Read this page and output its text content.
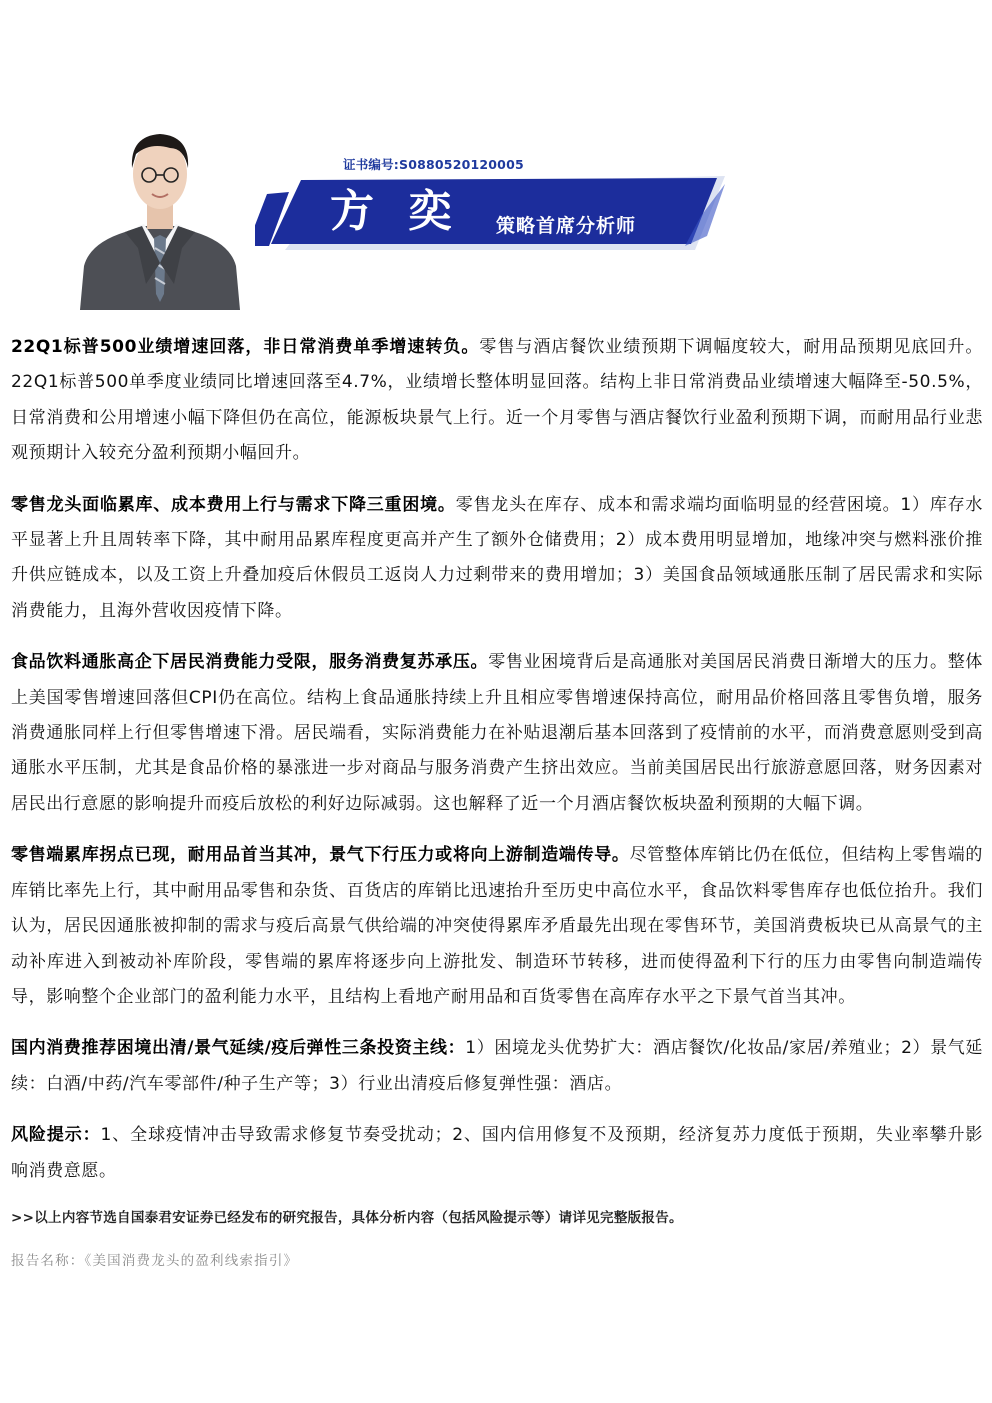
证书编号:S0880520120005
方奕 策略首席分析师

22Q1标普500业绩增速回落，非日常消费单季增速转负。零售与酒店餐饮业绩预期下调幅度较大，耐用品预期见底回升。22Q1标普500单季度业绩同比增速回落至4.7%，业绩增长整体明显回落。结构上非日常消费品业绩增速大幅降至-50.5%，日常消费和公用增速小幅下降但仍在高位，能源板块景气上行。近一个月零售与酒店餐饮行业盈利预期下调，而耐用品行业悲观预期计入较充分盈利预期小幅回升。

零售龙头面临累库、成本费用上行与需求下降三重困境。零售龙头在库存、成本和需求端均面临明显的经营困境。1）库存水平显著上升且周转率下降，其中耐用品累库程度更高并产生了额外仓储费用；2）成本费用明显增加，地缘冲突与燃料涨价推升供应链成本，以及工资上升叠加疫后休假员工返岗人力过剩带来的费用增加；3）美国食品领域通胀压制了居民需求和实际消费能力，且海外营收因疫情下降。

食品饮料通胀高企下居民消费能力受限，服务消费复苏承压。零售业困境背后是高通胀对美国居民消费日渐增大的压力。整体上美国零售增速回落但CPI仍在高位。结构上食品通胀持续上升且相应零售增速保持高位，耐用品价格回落且零售负增，服务消费通胀同样上行但零售增速下滑。居民端看，实际消费能力在补贴退潮后基本回落到了疫情前的水平，而消费意愿则受到高通胀水平压制，尤其是食品价格的暴涨进一步对商品与服务消费产生挤出效应。当前美国居民出行旅游意愿回落，财务因素对居民出行意愿的影响提升而疫后放松的利好边际减弱。这也解释了近一个月酒店餐饮板块盈利预期的大幅下调。

零售端累库拐点已现，耐用品首当其冲，景气下行压力或将向上游制造端传导。尽管整体库销比仍在低位，但结构上零售端的库销比率先上行，其中耐用品零售和杂货、百货店的库销比迅速抬升至历史中高位水平，食品饮料零售库存也低位抬升。我们认为，居民因通胀被抑制的需求与疫后高景气供给端的冲突使得累库矛盾最先出现在零售环节，美国消费板块已从高景气的主动补库进入到被动补库阶段，零售端的累库将逐步向上游批发、制造环节转移，进而使得盈利下行的压力由零售向制造端传导，影响整个企业部门的盈利能力水平，且结构上看地产耐用品和百货零售在高库存水平之下景气首当其冲。

国内消费推荐困境出清/景气延续/疫后弹性三条投资主线：1）困境龙头优势扩大：酒店餐饮/化妆品/家居/养殖业；2）景气延续：白酒/中药/汽车零部件/种子生产等；3）行业出清疫后修复弹性强：酒店。

风险提示：1、全球疫情冲击导致需求修复节奏受扰动；2、国内信用修复不及预期，经济复苏力度低于预期，失业率攀升影响消费意愿。

>>以上内容节选自国泰君安证券已经发布的研究报告，具体分析内容（包括风险提示等）请详见完整版报告。
报告名称：《美国消费龙头的盈利线索指引》
